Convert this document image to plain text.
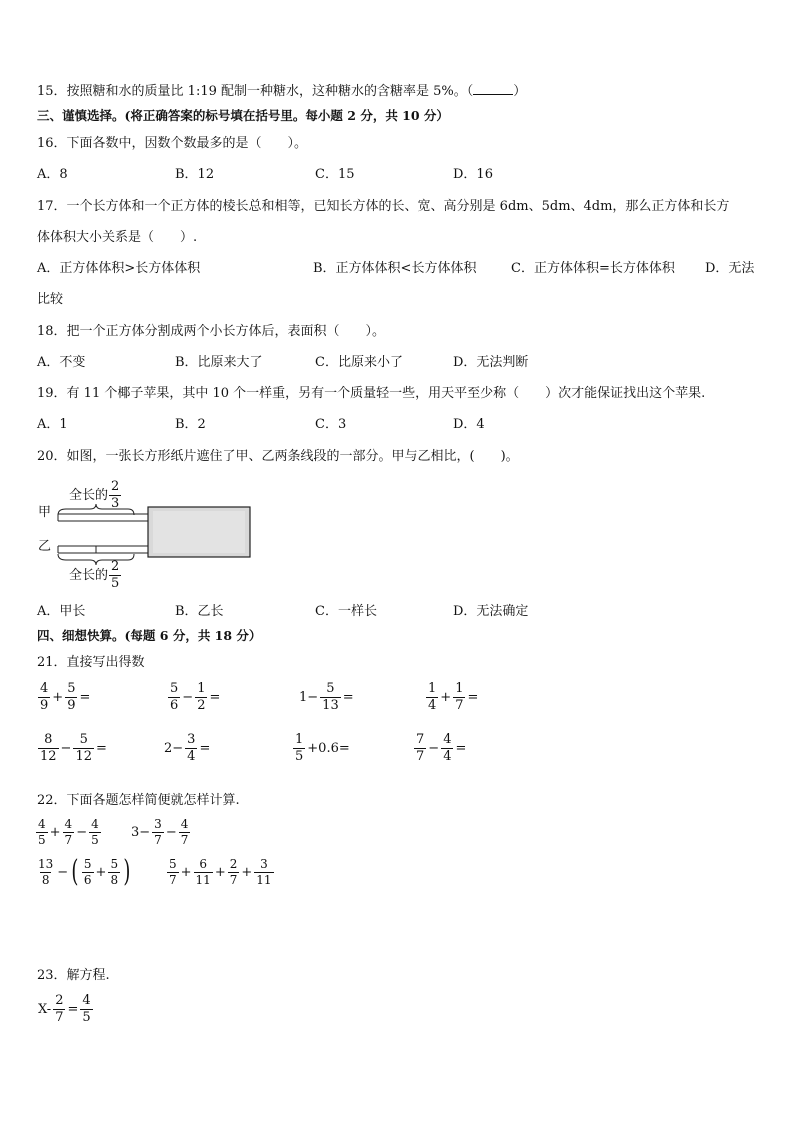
15．按照糖和水的质量比 1:19 配制一种糖水，这种糖水的含糖率是 5%。（	）
三、谨慎选择。(将正确答案的标号填在括号里。每小题 2 分，共 10 分）
16．下面各数中，因数个数最多的是（　　）。
A．8	B．12	C．15	D．16
17．一个长方体和一个正方体的棱长总和相等，已知长方体的长、宽、高分别是 6dm、5dm、4dm，那么正方体和长方
体体积大小关系是（　　）.
A．正方体体积>长方体体积	B．正方体体积<长方体体积	C．正方体体积=长方体体积 D．无法
比较
18．把一个正方体分割成两个小长方体后，表面积（　　）。
A．不变	B．比原来大了	C．比原来小了	D．无法判断
19．有 11 个椰子苹果，其中 10 个一样重，另有一个质量轻一些，用天平至少称（　　）次才能保证找出这个苹果.
A．1	B．2	C．3	D．4
20．如图，一张长方形纸片遮住了甲、乙两条线段的一部分。甲与乙相比，(　　)。
甲
乙
全长的 $\frac{2}{3}$
全长的 $\frac{2}{5}$
A．甲长	B．乙长	C．一样长	D．无法确定
四、细想快算。(每题 6 分，共 18 分）
21．直接写出得数
$\frac{4}{9} + \frac{5}{9}$ =	$\frac{5}{6} - \frac{1}{2}$ =	$1- \frac{5}{13}$ =	$\frac{1}{4} + \frac{1}{7}$ =
$\frac{8}{12} - \frac{5}{12}$ =	$2- \frac{3}{4}$ =	$\frac{1}{5} +0.6=$	$\frac{7}{7} - \frac{4}{4}$ =
22．下面各题怎样简便就怎样计算.
$\frac{4}{5} + \frac{4}{7} - \frac{4}{5} 3- \frac{3}{7} - \frac{4}{7}$
$\frac{13}{8}$ − ( $\frac{5}{6} + \frac{5}{8}$ )	$\frac{5}{7} + \frac{6}{11} + \frac{2}{7} + \frac{3}{11}$
23．解方程.
$X- \frac{2}{7} = \frac{4}{5}$
